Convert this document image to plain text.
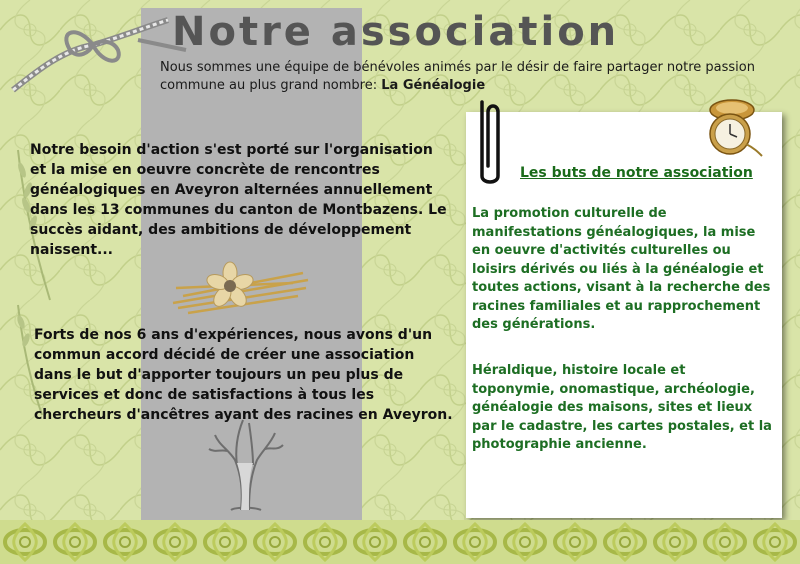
Notre association
Nous sommes une équipe de bénévoles animés par le désir de faire partager notre passion commune au plus grand nombre: La Généalogie
Notre besoin d'action s'est porté sur l'organisation et la mise en oeuvre concrète de rencontres généalogiques en Aveyron alternées annuellement dans les 13 communes du canton de Montbazens. Le succès aidant, des ambitions de développement naissent...
Forts de nos 6 ans d'expériences, nous avons d'un commun accord décidé de créer une association dans le but d'apporter toujours un peu plus de services et donc de satisfactions à tous les chercheurs d'ancêtres ayant des racines en Aveyron.
Les buts de notre association
La promotion culturelle de manifestations généalogiques, la mise en oeuvre d'activités culturelles ou loisirs dérivés ou liés à la généalogie et toutes actions, visant à la recherche des racines familiales et au rapprochement des générations.
Héraldique, histoire locale et toponymie, onomastique, archéologie, généalogie des maisons, sites et lieux par le cadastre, les cartes postales, et la photographie ancienne.
